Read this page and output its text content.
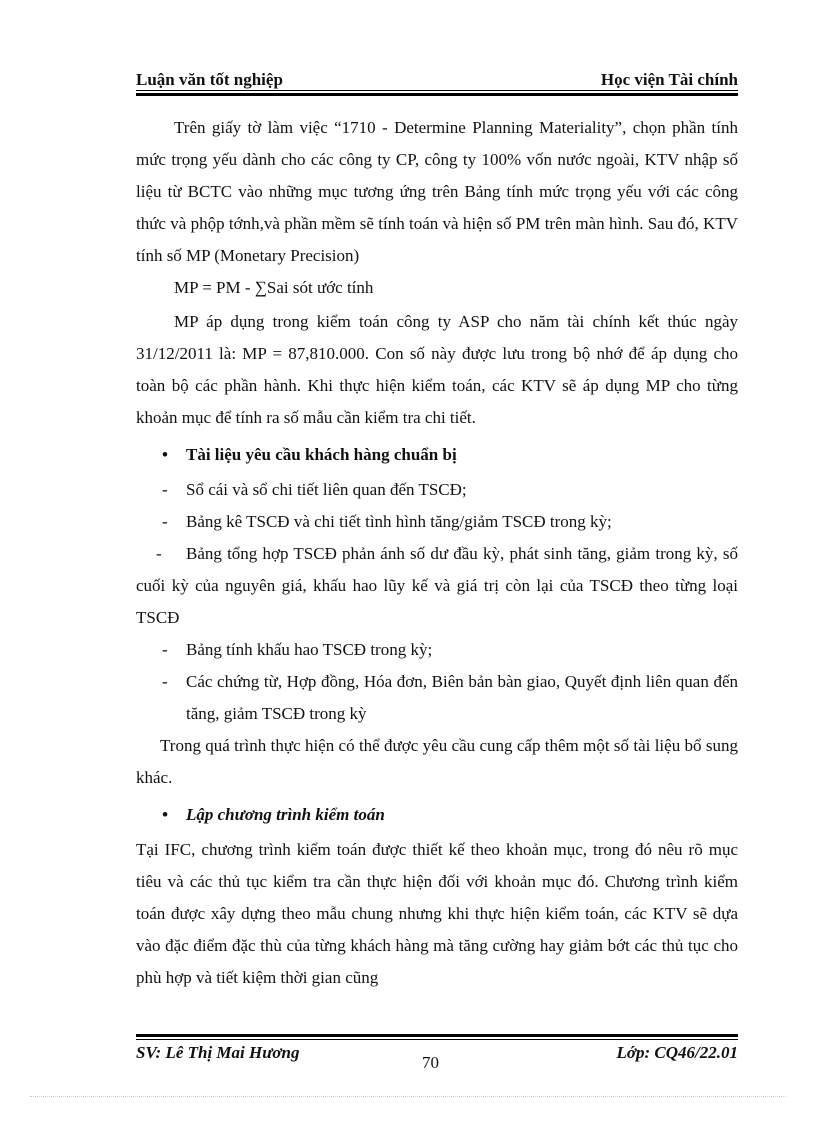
Luận văn tốt nghiệp	Học viện Tài chính

Trên giấy tờ làm việc “1710 - Determine Planning Materiality”, chọn phần tính mức trọng yếu dành cho các công ty CP, công ty 100% vốn nước ngoài, KTV nhập số liệu từ BCTC vào những mục tương ứng trên Bảng tính mức trọng yếu với các công thức và phộp tớnh,và phần mềm sẽ tính toán và hiện số PM trên màn hình. Sau đó, KTV tính số MP (Monetary Precision)

MP = PM - ∑Sai sót ước tính

MP áp dụng trong kiểm toán công ty ASP cho năm tài chính kết thúc ngày 31/12/2011 là: MP = 87,810.000. Con số này được lưu trong bộ nhớ để áp dụng cho toàn bộ các phần hành. Khi thực hiện kiểm toán, các KTV sẽ áp dụng MP cho từng khoản mục để tính ra số mẫu cần kiểm tra chi tiết.

• Tài liệu yêu cầu khách hàng chuẩn bị
- Sổ cái và sổ chi tiết liên quan đến TSCĐ;
- Bảng kê TSCĐ và chi tiết tình hình tăng/giảm TSCĐ trong kỳ;
- Bảng tổng hợp TSCĐ phản ánh số dư đầu kỳ, phát sinh tăng, giảm trong kỳ, số cuối kỳ của nguyên giá, khấu hao lũy kế và giá trị còn lại của TSCĐ theo từng loại TSCĐ
- Bảng tính khấu hao TSCĐ trong kỳ;
- Các chứng từ, Hợp đồng, Hóa đơn, Biên bản bàn giao, Quyết định liên quan đến tăng, giảm TSCĐ trong kỳ

Trong quá trình thực hiện có thể được yêu cầu cung cấp thêm một số tài liệu bổ sung khác.

• Lập chương trình kiểm toán

Tại IFC, chương trình kiểm toán được thiết kế theo khoản mục, trong đó nêu rõ mục tiêu và các thủ tục kiểm tra cần thực hiện đối với khoản mục đó. Chương trình kiểm toán được xây dựng theo mẫu chung nhưng khi thực hiện kiểm toán, các KTV sẽ dựa vào đặc điểm đặc thù của từng khách hàng mà tăng cường hay giảm bớt các thủ tục cho phù hợp và tiết kiệm thời gian cũng

SV: Lê Thị Mai Hương
70
Lớp: CQ46/22.01
